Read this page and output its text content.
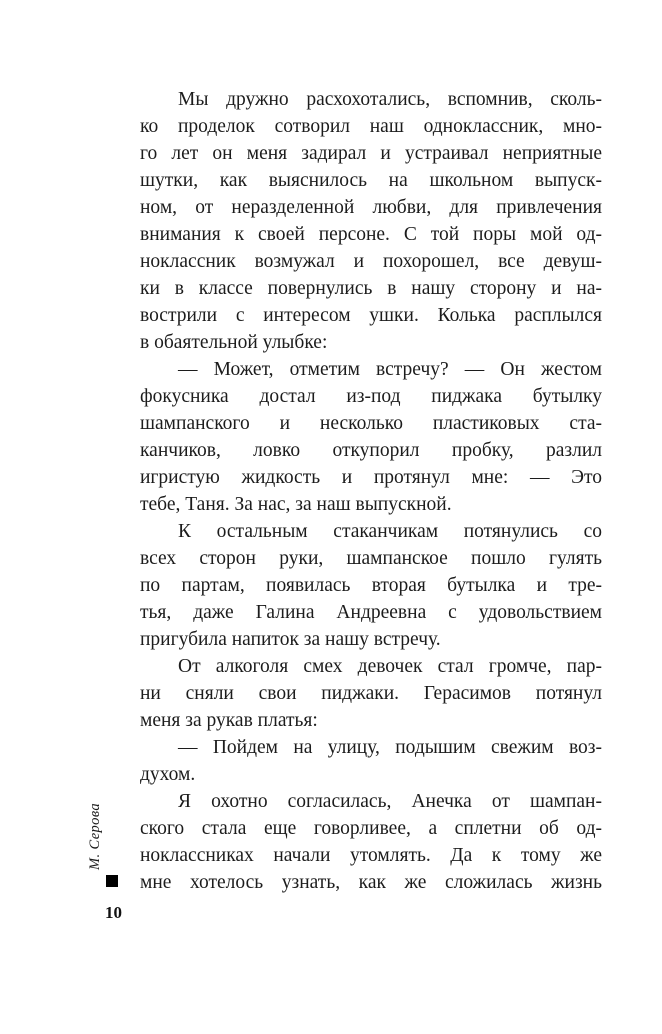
Мы дружно расхохотались, вспомнив, сколь-
ко проделок сотворил наш одноклассник, мно-
го лет он меня задирал и устраивал неприятные
шутки, как выяснилось на школьном выпуск-
ном, от неразделенной любви, для привлечения
внимания к своей персоне. С той поры мой од-
ноклассник возмужал и похорошел, все девуш-
ки в классе повернулись в нашу сторону и на-
вострили с интересом ушки. Колька расплылся
в обаятельной улыбке:
— Может, отметим встречу? — Он жестом
фокусника достал из-под пиджака бутылку
шампанского и несколько пластиковых ста-
канчиков, ловко откупорил пробку, разлил
игристую жидкость и протянул мне: — Это
тебе, Таня. За нас, за наш выпускной.
К остальным стаканчикам потянулись со
всех сторон руки, шампанское пошло гулять
по партам, появилась вторая бутылка и тре-
тья, даже Галина Андреевна с удовольствием
пригубила напиток за нашу встречу.
От алкоголя смех девочек стал громче, пар-
ни сняли свои пиджаки. Герасимов потянул
меня за рукав платья:
— Пойдем на улицу, подышим свежим воз-
духом.
Я охотно согласилась, Анечка от шампан-
ского стала еще говорливее, а сплетни об од-
ноклассниках начали утомлять. Да к тому же
мне хотелось узнать, как же сложилась жизнь
М. Серова
10
